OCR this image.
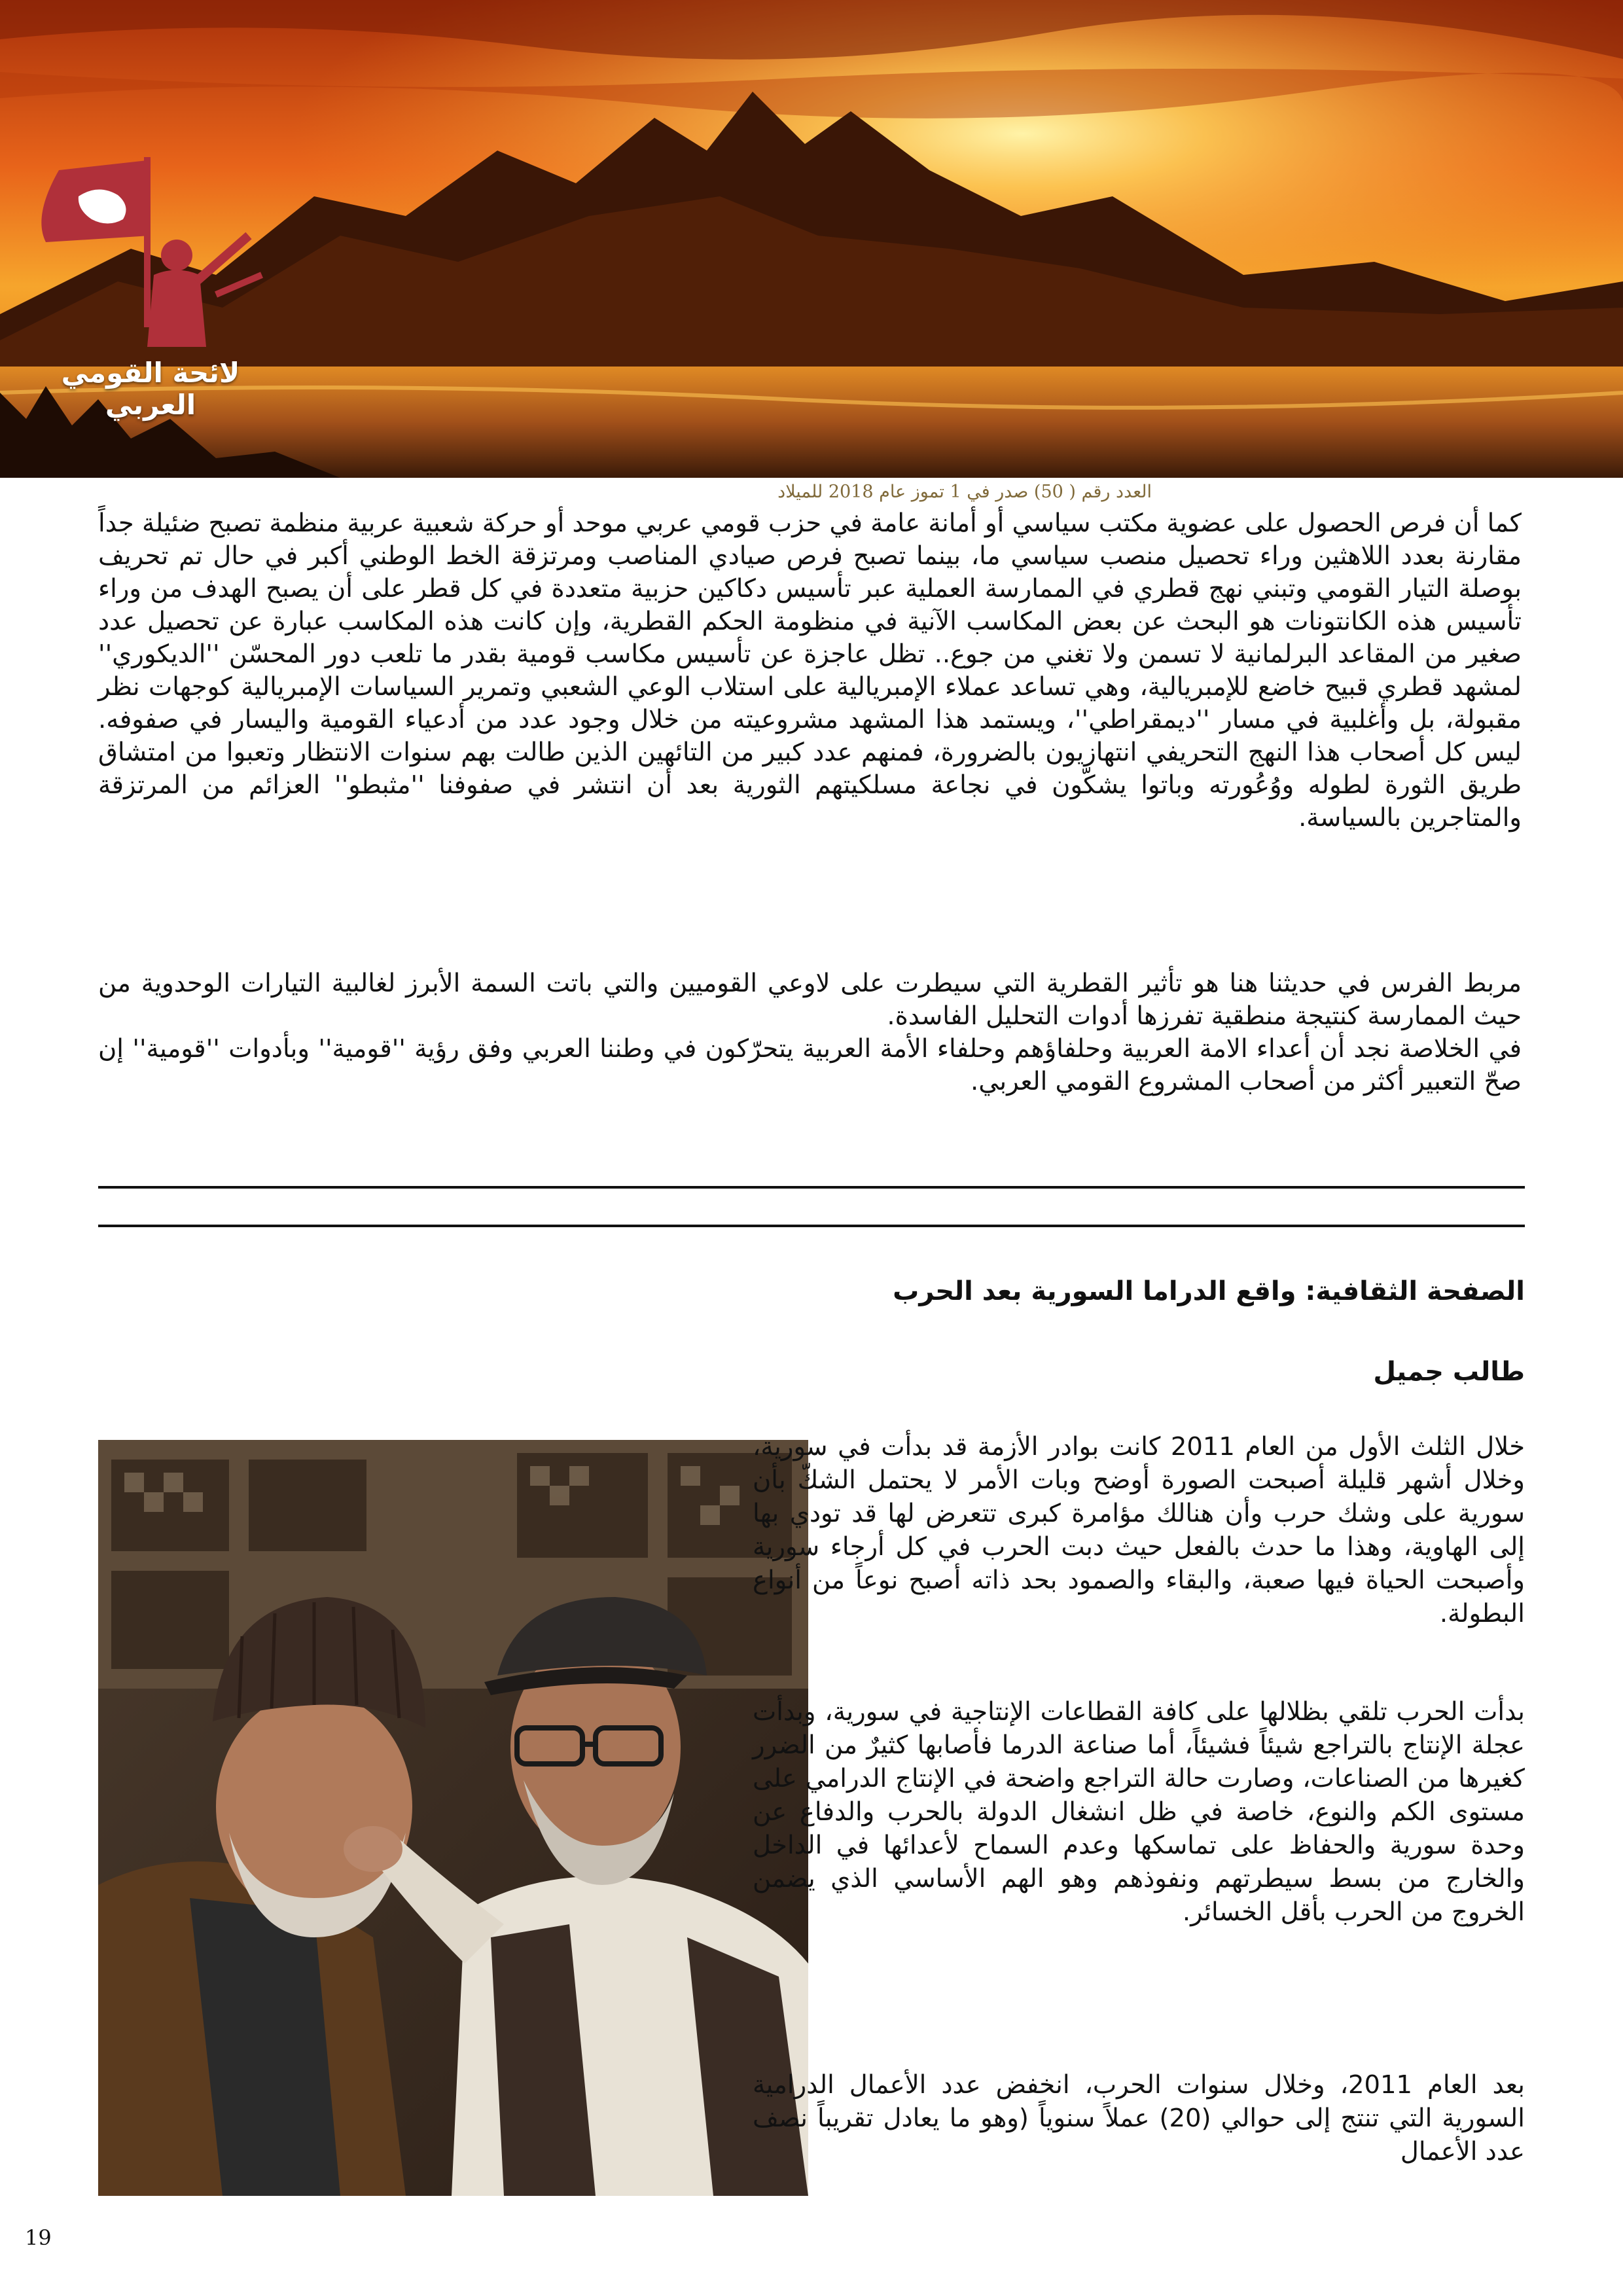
لائحة القومي العربي
العدد رقم ( 50) صدر في 1 تموز عام 2018 للميلاد

كما أن فرص الحصول على عضوية مكتب سياسي أو أمانة عامة في حزب قومي عربي موحد أو حركة شعبية عربية منظمة تصبح ضئيلة جداً مقارنة بعدد اللاهثين وراء تحصيل منصب سياسي ما، بينما تصبح فرص صيادي المناصب ومرتزقة الخط الوطني أكبر في حال تم تحريف بوصلة التيار القومي وتبني نهج قطري في الممارسة العملية عبر تأسيس دكاكين حزبية متعددة في كل قطر على أن يصبح الهدف من وراء تأسيس هذه الكانتونات هو البحث عن بعض المكاسب الآنية في منظومة الحكم القطرية، وإن كانت هذه المكاسب عبارة عن تحصيل عدد صغير من المقاعد البرلمانية لا تسمن ولا تغني من جوع.. تظل عاجزة عن تأسيس مكاسب قومية بقدر ما تلعب دور المحسّن ''الديكوري'' لمشهد قطري قبيح خاضع للإمبريالية، وهي تساعد عملاء الإمبريالية على استلاب الوعي الشعبي وتمرير السياسات الإمبريالية كوجهات نظر مقبولة، بل وأغلبية في مسار ''ديمقراطي''، ويستمد هذا المشهد مشروعيته من خلال وجود عدد من أدعياء القومية واليسار في صفوفه. ليس كل أصحاب هذا النهج التحريفي انتهازيون بالضرورة، فمنهم عدد كبير من التائهين الذين طالت بهم سنوات الانتظار وتعبوا من امتشاق طريق الثورة لطوله ووُعُورته وباتوا يشكّون في نجاعة مسلكيتهم الثورية بعد أن انتشر في صفوفنا ''مثبطو'' العزائم من المرتزقة والمتاجرين بالسياسة.

مربط الفرس في حديثنا هنا هو تأثير القطرية التي سيطرت على لاوعي القوميين والتي باتت السمة الأبرز لغالبية التيارات الوحدوية من حيث الممارسة كنتيجة منطقية تفرزها أدوات التحليل الفاسدة.

في الخلاصة نجد أن أعداء الامة العربية وحلفاؤهم وحلفاء الأمة العربية يتحرّكون في وطننا العربي وفق رؤية ''قومية'' وبأدوات ''قومية'' إن صحّ التعبير أكثر من أصحاب المشروع القومي العربي.

الصفحة الثقافية: واقع الدراما السورية بعد الحرب
طالب جميل

خلال الثلث الأول من العام 2011 كانت بوادر الأزمة قد بدأت في سورية، وخلال أشهر قليلة أصبحت الصورة أوضح وبات الأمر لا يحتمل الشكّ بأن سورية على وشك حرب وأن هنالك مؤامرة كبرى تتعرض لها قد تودي بها إلى الهاوية، وهذا ما حدث بالفعل حيث دبت الحرب في كل أرجاء سورية وأصبحت الحياة فيها صعبة، والبقاء والصمود بحد ذاته أصبح نوعاً من أنواع البطولة.

بدأت الحرب تلقي بظلالها على كافة القطاعات الإنتاجية في سورية، وبدأت عجلة الإنتاج بالتراجع شيئاً فشيئاً، أما صناعة الدرما فأصابها كثيرٌ من الضرر كغيرها من الصناعات، وصارت حالة التراجع واضحة في الإنتاج الدرامي على مستوى الكم والنوع، خاصة في ظل انشغال الدولة بالحرب والدفاع عن وحدة سورية والحفاظ على تماسكها وعدم السماح لأعدائها في الداخل والخارج من بسط سيطرتهم ونفوذهم وهو الهم الأساسي الذي يضمن الخروج من الحرب بأقل الخسائر.

بعد العام 2011، وخلال سنوات الحرب، انخفض عدد الأعمال الدرامية السورية التي تنتج إلى حوالي (20) عملاً سنوياً (وهو ما يعادل تقريباً نصف عدد الأعمال

19
